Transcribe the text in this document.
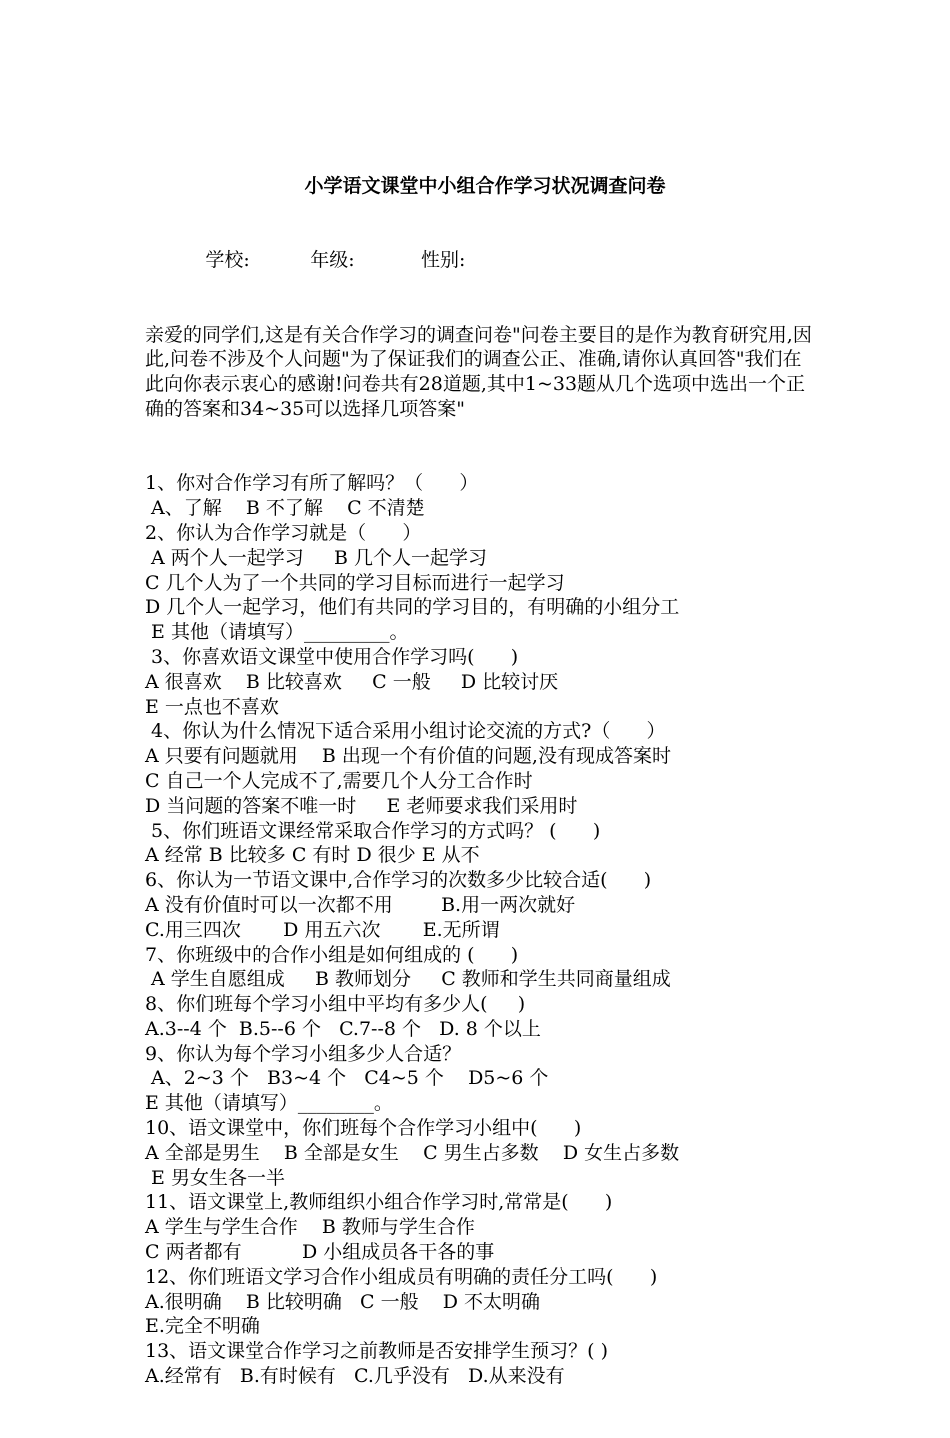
小学语文课堂中小组合作学习状况调查问卷

学校:          年级:           性别:

亲爱的同学们,这是有关合作学习的调查问卷"问卷主要目的是作为教育研究用,因此,问卷不涉及个人问题"为了保证我们的调查公正、准确,请你认真回答"我们在此向你表示衷心的感谢!问卷共有28道题,其中1~33题从几个选项中选出一个正确的答案和34~35可以选择几项答案"

1、你对合作学习有所了解吗？（      ）
A、了解    B 不了解    C 不清楚
2、你认为合作学习就是（      ）
A 两个人一起学习     B 几个人一起学习
C 几个人为了一个共同的学习目标而进行一起学习
D 几个人一起学习，他们有共同的学习目的，有明确的小组分工
E 其他（请填写）_________。
3、你喜欢语文课堂中使用合作学习吗(      )
A 很喜欢    B 比较喜欢     C 一般     D 比较讨厌
E 一点也不喜欢
4、你认为什么情况下适合采用小组讨论交流的方式?（      ）
A 只要有问题就用    B 出现一个有价值的问题,没有现成答案时
C 自己一个人完成不了,需要几个人分工合作时
D 当问题的答案不唯一时     E 老师要求我们采用时
5、你们班语文课经常采取合作学习的方式吗？ (      )
A 经常 B 比较多 C 有时 D 很少 E 从不
6、你认为一节语文课中,合作学习的次数多少比较合适(      )
A 没有价值时可以一次都不用        B.用一两次就好
C.用三四次       D 用五六次       E.无所谓
7、你班级中的合作小组是如何组成的 (      )
A 学生自愿组成     B 教师划分     C 教师和学生共同商量组成
8、你们班每个学习小组中平均有多少人(     )
A.3--4 个  B.5--6 个   C.7--8 个   D. 8 个以上
9、你认为每个学习小组多少人合适？
A、2~3 个   B3~4 个   C4~5 个    D5~6 个
E 其他（请填写）________。
10、语文课堂中，你们班每个合作学习小组中(      )
A 全部是男生    B 全部是女生    C 男生占多数    D 女生占多数
E 男女生各一半
11、语文课堂上,教师组织小组合作学习时,常常是(      )
A 学生与学生合作    B 教师与学生合作
C 两者都有          D 小组成员各干各的事
12、你们班语文学习合作小组成员有明确的责任分工吗(      )
A.很明确    B 比较明确   C 一般    D 不太明确
E.完全不明确
13、语文课堂合作学习之前教师是否安排学生预习？( )
A.经常有   B.有时候有   C.几乎没有   D.从来没有
